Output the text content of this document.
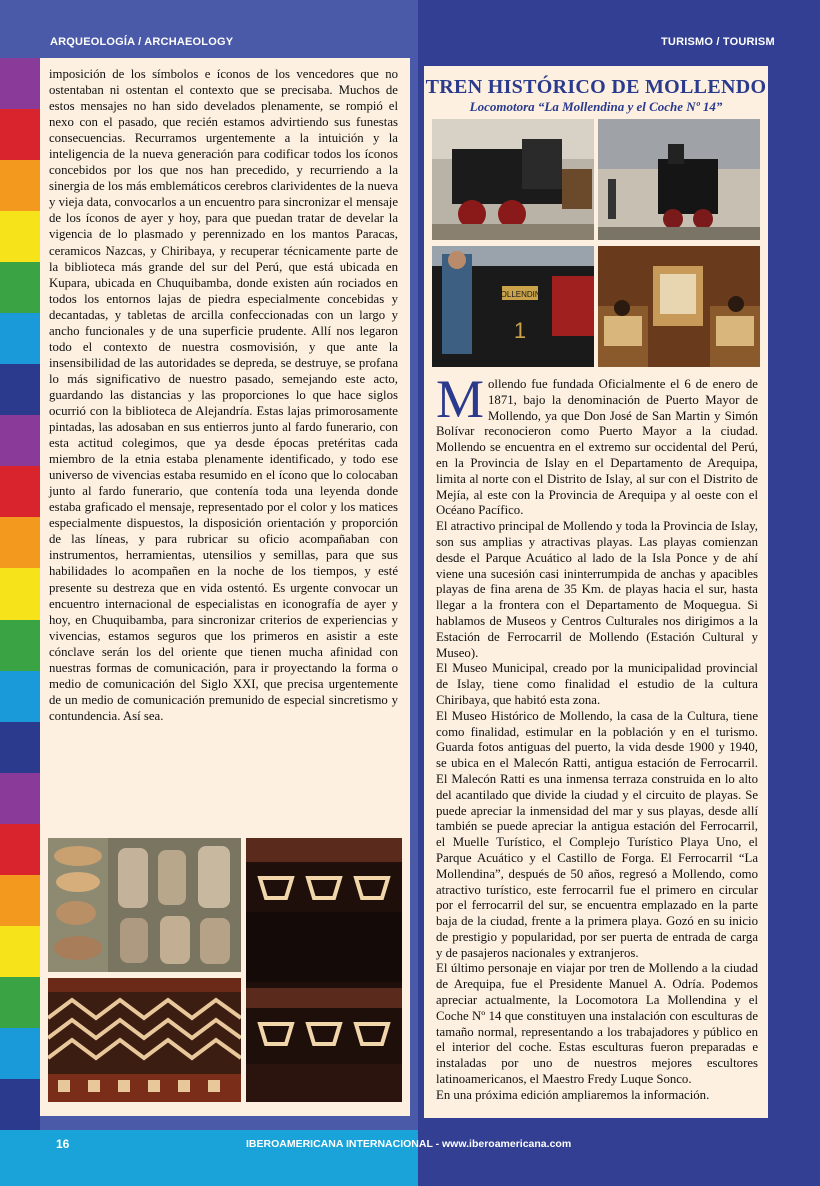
ARQUEOLOGÍA / ARCHAEOLOGY	TURISMO / TOURISM
imposición de los símbolos e íconos de los vencedores que no ostentaban ni ostentan el contexto que se precisaba. Muchos de estos mensajes no han sido develados plenamente, se rompió el nexo con el pasado, que recién estamos advirtiendo sus funestas consecuencias. Recurramos urgentemente a la intuición y la inteligencia de la nueva generación para codificar todos los íconos concebidos por los que nos han precedido, y recurriendo a la sinergia de los más emblemáticos cerebros clarividentes de la nueva y vieja data, convocarlos a un encuentro para sincronizar el mensaje de los íconos de ayer y hoy, para que puedan tratar de develar la vigencia de lo plasmado y perennizado en los mantos Paracas, ceramicos Nazcas, y Chiribaya, y recuperar técnicamente parte de la biblioteca más grande del sur del Perú, que está ubicada en Kupara, ubicada en Chuquibamba, donde existen aún rociados en todos los entornos lajas de piedra especialmente concebidas y decantadas, y tabletas de arcilla confeccionadas con un largo y ancho funcionales y de una superficie prudente. Allí nos legaron todo el contexto de nuestra cosmovisión, y que ante la insensibilidad de las autoridades se depreda, se destruye, se profana lo más significativo de nuestro pasado, semejando este acto, guardando las distancias y las proporciones lo que hace siglos ocurrió con la biblioteca de Alejandría. Estas lajas primorosamente pintadas, las adosaban en sus entierros junto al fardo funerario, con esta actitud colegimos, que ya desde épocas pretéritas cada miembro de la etnia estaba plenamente identificado, y todo ese universo de vivencias estaba resumido en el ícono que lo colocaban junto al fardo funerario, que contenía toda una leyenda donde estaba graficado el mensaje, representado por el color y los matices especialmente dispuestos, la disposición orientación y proporción de las líneas, y para rubricar su oficio acompañaban con instrumentos, herramientas, utensilios y semillas, para que sus habilidades lo acompañen en la noche de los tiempos, y esté presente su destreza que en vida ostentó. Es urgente convocar un encuentro internacional de especialistas en iconografía de ayer y hoy, en Chuquibamba, para sincronizar criterios de experiencias y vivencias, estamos seguros que los primeros en asistir a este cónclave serán los del oriente que tienen mucha afinidad con nuestras formas de comunicación, para ir proyectando la forma o medio de comunicación del Siglo XXI, que precisa urgentemente de un medio de comunicación premunido de especial sincretismo y contundencia. Así sea.
TREN HISTÓRICO DE MOLLENDO
Locomotora “La Mollendina y el Coche Nº 14”
MOLLENDINA
1
M ollendo fue fundada Oficialmente el 6 de enero de 1871, bajo la denominación de Puerto Mayor de Mollendo, ya que Don José de San Martin y Simón Bolívar reconocieron como Puerto Mayor a la ciudad. Mollendo se encuentra en el extremo sur occidental del Perú, en la Provincia de Islay en el Departamento de Arequipa, limita al norte con el Distrito de Islay, al sur con el Distrito de Mejía, al este con la Provincia de Arequipa y al oeste con el Océano Pacífico.
El atractivo principal de Mollendo y toda la Provincia de Islay, son sus amplias y atractivas playas. Las playas comienzan desde el Parque Acuático al lado de la Isla Ponce y de ahí viene una sucesión casi ininterrumpida de anchas y apacibles playas de fina arena de 35 Km. de playas hacia el sur, hasta llegar a la frontera con el Departamento de Moquegua. Si hablamos de Museos y Centros Culturales nos dirigimos a la Estación de Ferrocarril de Mollendo (Estación Cultural y Museo).
El Museo Municipal, creado por la municipalidad provincial de Islay, tiene como finalidad el estudio de la cultura Chiribaya, que habitó esta zona.
El Museo Histórico de Mollendo, la casa de la Cultura, tiene como finalidad, estimular en la población y en el turismo. Guarda fotos antiguas del puerto, la vida desde 1900 y 1940, se ubica en el Malecón Ratti, antigua estación de Ferrocarril. El Malecón Ratti es una inmensa terraza construida en lo alto del acantilado que divide la ciudad y el circuito de playas. Se puede apreciar la inmensidad del mar y sus playas, desde allí también se puede apreciar la antigua estación del Ferrocarril, el Muelle Turístico, el Complejo Turístico Playa Uno, el Parque Acuático y el Castillo de Forga. El Ferrocarril “La Mollendina”, después de 50 años, regresó a Mollendo, como atractivo turístico, este ferrocarril fue el primero en circular por el ferrocarril del sur, se encuentra emplazado en la parte baja de la ciudad, frente a la primera playa. Gozó en su inicio de prestigio y popularidad, por ser puerta de entrada de carga y de pasajeros nacionales y extranjeros.
El último personaje en viajar por tren de Mollendo a la ciudad de Arequipa, fue el Presidente Manuel A. Odría. Podemos apreciar actualmente, la Locomotora La Mollendina y el Coche Nº 14 que constituyen una instalación con esculturas de tamaño normal, representando a los trabajadores y público en el interior del coche. Estas esculturas fueron preparadas e instaladas por uno de nuestros mejores escultores latinoamericanos, el Maestro Fredy Luque Sonco.
En una próxima edición ampliaremos la información.
16	IBEROAMERICANA INTERNACIONAL - www.iberoamericana.com
